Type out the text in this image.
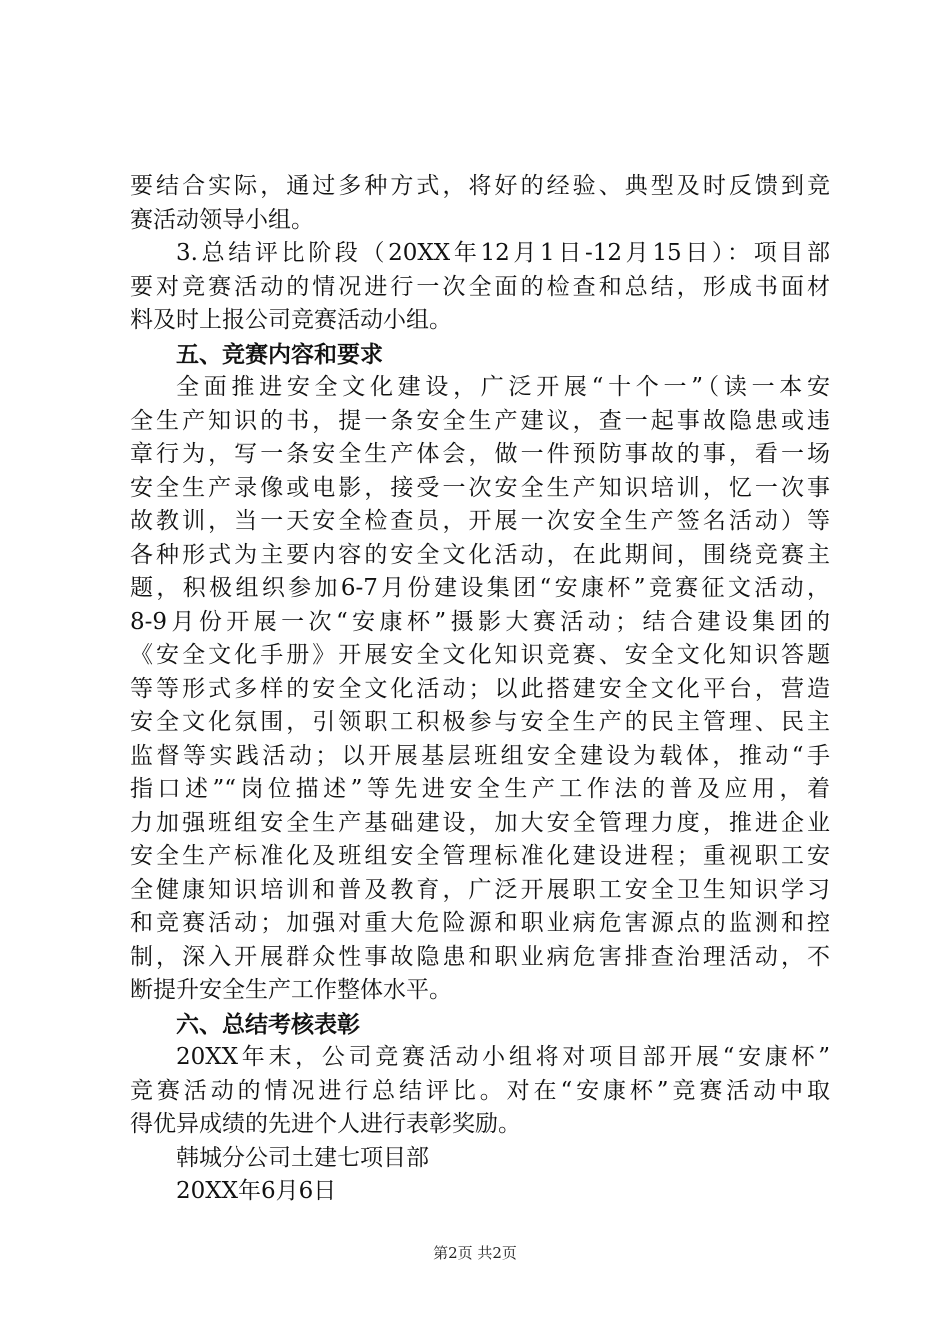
要结合实际，通过多种方式，将好的经验、典型及时反馈到竞
赛活动领导小组。
3.总结评比阶段（20XX年12月1日-12月15日）：项目部
要对竞赛活动的情况进行一次全面的检查和总结，形成书面材
料及时上报公司竞赛活动小组。
五、竞赛内容和要求
全面推进安全文化建设，广泛开展“十个一”（读一本安
全生产知识的书，提一条安全生产建议，查一起事故隐患或违
章行为，写一条安全生产体会，做一件预防事故的事，看一场
安全生产录像或电影，接受一次安全生产知识培训，忆一次事
故教训，当一天安全检查员，开展一次安全生产签名活动）等
各种形式为主要内容的安全文化活动，在此期间，围绕竞赛主
题，积极组织参加6-7月份建设集团“安康杯”竞赛征文活动，
8-9月份开展一次“安康杯”摄影大赛活动；结合建设集团的
《安全文化手册》开展安全文化知识竞赛、安全文化知识答题
等等形式多样的安全文化活动；以此搭建安全文化平台，营造
安全文化氛围，引领职工积极参与安全生产的民主管理、民主
监督等实践活动；以开展基层班组安全建设为载体，推动“手
指口述”“岗位描述”等先进安全生产工作法的普及应用，着
力加强班组安全生产基础建设，加大安全管理力度，推进企业
安全生产标准化及班组安全管理标准化建设进程；重视职工安
全健康知识培训和普及教育，广泛开展职工安全卫生知识学习
和竞赛活动；加强对重大危险源和职业病危害源点的监测和控
制，深入开展群众性事故隐患和职业病危害排查治理活动，不
断提升安全生产工作整体水平。
六、总结考核表彰
20XX年末，公司竞赛活动小组将对项目部开展“安康杯”
竞赛活动的情况进行总结评比。对在“安康杯”竞赛活动中取
得优异成绩的先进个人进行表彰奖励。
韩城分公司土建七项目部
20XX年6月6日
第2页 共2页
